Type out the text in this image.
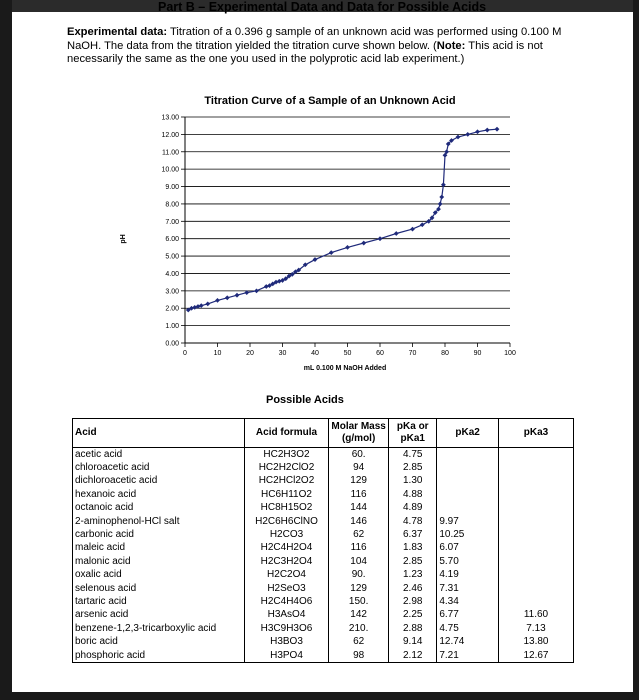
Part B – Experimental Data and Data for Possible Acids
Experimental data: Titration of a 0.396 g sample of an unknown acid was performed using 0.100 M NaOH. The data from the titration yielded the titration curve shown below. (Note: This acid is not necessarily the same as the one you used in the polyprotic acid lab experiment.)
Titration Curve of a Sample of an Unknown Acid
pH
mL 0.100 M NaOH Added
0.00
1.00
2.00
3.00
4.00
5.00
6.00
7.00
8.00
9.00
10.00
11.00
12.00
13.00
0	10	20	30	40	50	60	70	80	90	100
Possible Acids
Acid	Acid formula	Molar Mass (g/mol)	pKa or pKa1	pKa2	pKa3
acetic acid	HC2H3O2	60.	4.75		
chloroacetic acid	HC2H2ClO2	94	2.85		
dichloroacetic acid	HC2HCl2O2	129	1.30		
hexanoic acid	HC6H11O2	116	4.88		
octanoic acid	HC8H15O2	144	4.89		
2-aminophenol-HCl salt	H2C6H6ClNO	146	4.78	9.97	
carbonic acid	H2CO3	62	6.37	10.25	
maleic acid	H2C4H2O4	116	1.83	6.07	
malonic acid	H2C3H2O4	104	2.85	5.70	
oxalic acid	H2C2O4	90.	1.23	4.19	
selenous acid	H2SeO3	129	2.46	7.31	
tartaric acid	H2C4H4O6	150.	2.98	4.34	
arsenic acid	H3AsO4	142	2.25	6.77	11.60
benzene-1,2,3-tricarboxylic acid	H3C9H3O6	210.	2.88	4.75	7.13
boric acid	H3BO3	62	9.14	12.74	13.80
phosphoric acid	H3PO4	98	2.12	7.21	12.67
